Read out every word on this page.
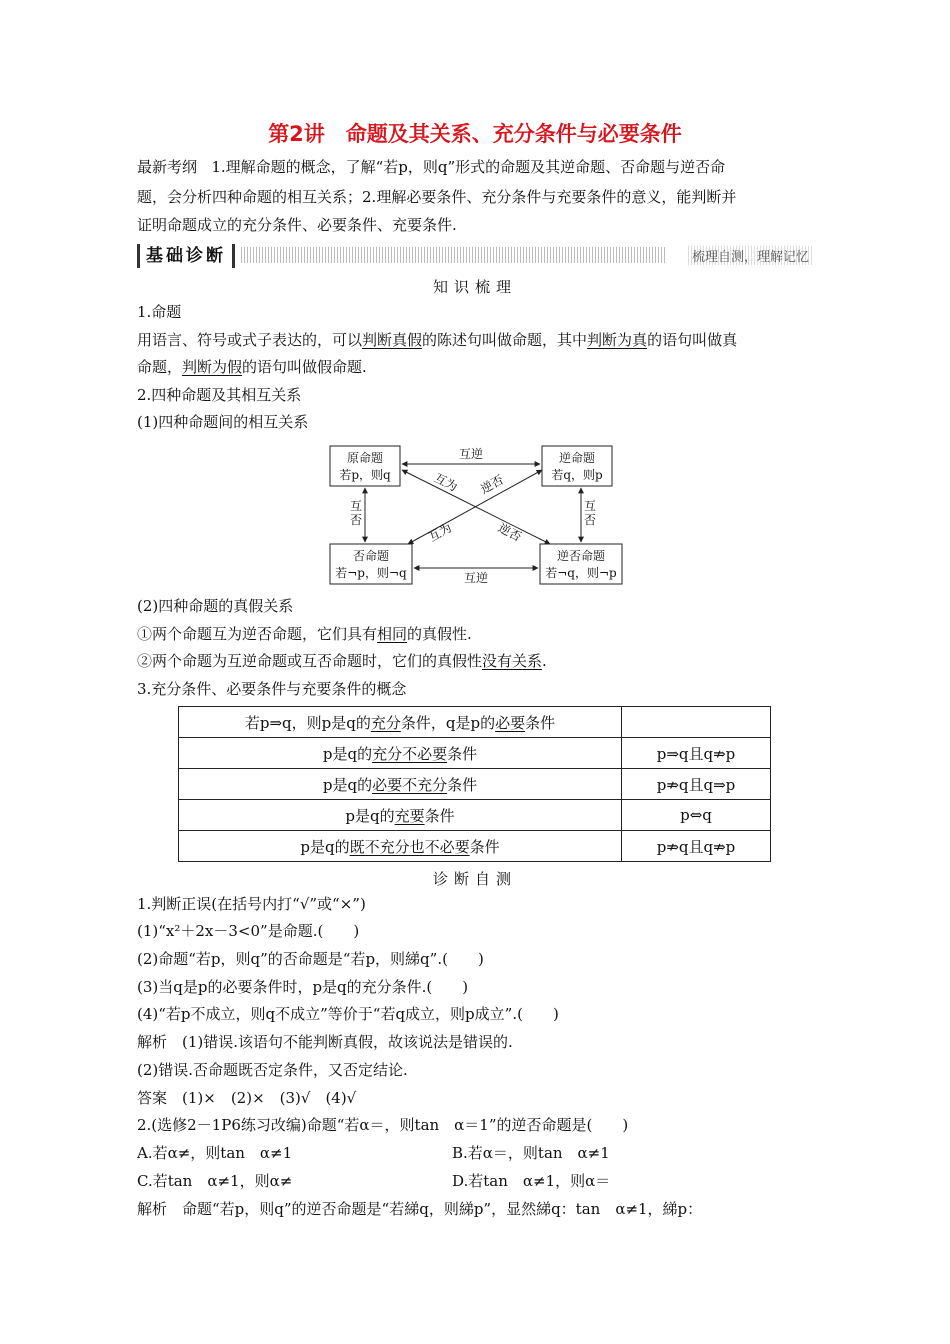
第2讲　命题及其关系、充分条件与必要条件
最新考纲 1.理解命题的概念，了解“若p，则q”形式的命题及其逆命题、否命题与逆否命
题，会分析四种命题的相互关系；2.理解必要条件、充分条件与充要条件的意义，能判断并
证明命题成立的充分条件、必要条件、充要条件.
基础诊断	梳理自测，理解记忆
知识梳理
1.命题
用语言、符号或式子表达的，可以判断真假的陈述句叫做命题，其中判断为真的语句叫做真
命题，判断为假的语句叫做假命题.
2.四种命题及其相互关系
(1)四种命题间的相互关系
原命题
若p，则q
逆命题
若q，则p
否命题
若¬p，则¬q
逆否命题
若¬q，则¬p
互逆
互逆
互
否
互
否
互为 逆否
互为	逆否
(2)四种命题的真假关系
①两个命题互为逆否命题，它们具有相同的真假性.
②两个命题为互逆命题或互否命题时，它们的真假性没有关系.
3.充分条件、必要条件与充要条件的概念
若p⇒q，则p是q的充分条件，q是p的必要条件	
p是q的充分不必要条件	p⇒q且q⇏p
p是q的必要不充分条件	p⇏q且q⇒p
p是q的充要条件	p⇔q
p是q的既不充分也不必要条件	p⇏q且q⇏p
诊断自测
1.判断正误(在括号内打“√”或“×”)
(1)“x²＋2x－3<0”是命题.(　　)
(2)命题“若p，则q”的否命题是“若p，则綈q”.(　　)
(3)当q是p的必要条件时，p是q的充分条件.(　　)
(4)“若p不成立，则q不成立”等价于“若q成立，则p成立”.(　　)
解析　(1)错误.该语句不能判断真假，故该说法是错误的.
(2)错误.否命题既否定条件，又否定结论.
答案　(1)×　(2)×　(3)√　(4)√
2.(选修2－1P6练习改编)命题“若α＝，则tan　α＝1”的逆否命题是(　　)
A.若α≠，则tan　α≠1	B.若α＝，则tan　α≠1
C.若tan　α≠1，则α≠	D.若tan　α≠1，则α＝
解析　命题“若p，则q”的逆否命题是“若綈q，则綈p”，显然綈q：tan　α≠1，綈p：
